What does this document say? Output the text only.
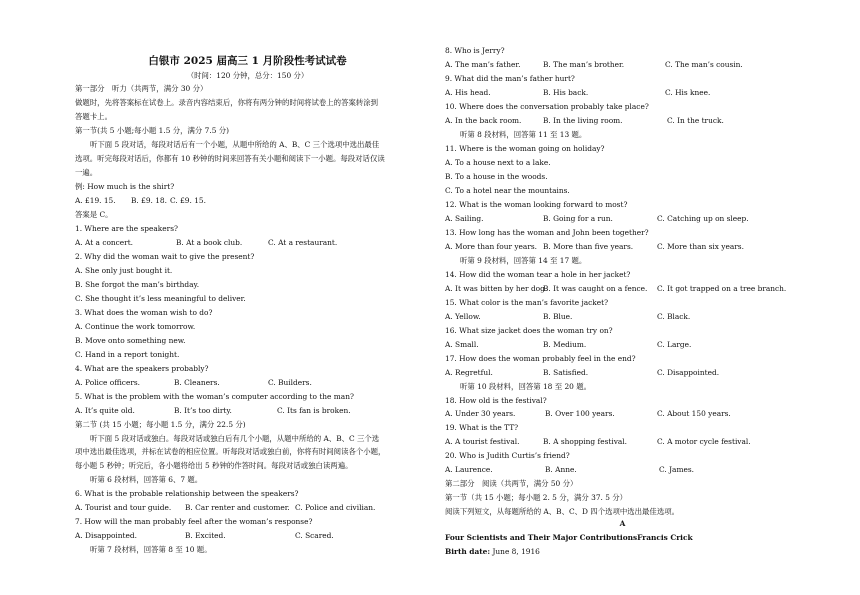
白银市 2025 届高三 1 月阶段性考试试卷
（时间：120 分钟，总分：150 分）
第一部分　听力（共两节，满分 30 分）
做题时，先将答案标在试卷上。录音内容结束后，你将有两分钟的时间将试卷上的答案转涂到
答题卡上。
第一节(共 5 小题;每小题 1.5 分，满分 7.5 分)
听下面 5 段对话，每段对话后有一个小题，从题中所给的 A、B、C 三个选项中选出最佳
选项。听完每段对话后，你都有 10 秒钟的时间来回答有关小题和阅读下一小题。每段对话仅读
一遍。
例: How much is the shirt?
A. £19. 15. B. £9. 18. C. £9. 15.
答案是 C。
1. Where are the speakers?
A. At a concert.	B. At a book club.	C. At a restaurant.
2. Why did the woman wait to give the present?
A. She only just bought it.
B. She forgot the man’s birthday.
C. She thought it’s less meaningful to deliver.
3. What does the woman wish to do?
A. Continue the work tomorrow.
B. Move onto something new.
C. Hand in a report tonight.
4. What are the speakers probably?
A. Police officers.	B. Cleaners.	C. Builders.
5. What is the problem with the woman’s computer according to the man?
A. It’s quite old.	B. It’s too dirty.	C. Its fan is broken.
第二节 (共 15 小题；每小题 1.5 分，满分 22.5 分)
听下面 5 段对话或独白。每段对话或独白后有几个小题，从题中所给的 A、B、C 三个选
项中选出最佳选项，并标在试卷的相应位置。听每段对话或独白前，你将有时间阅读各个小题，
每小题 5 秒钟；听完后，各小题将给出 5 秒钟的作答时间。每段对话或独白读两遍。
听第 6 段材料，回答第 6、7 题。
6. What is the probable relationship between the speakers?
A. Tourist and tour guide. B. Car renter and customer. C. Police and civilian.
7. How will the man probably feel after the woman’s response?
A. Disappointed.	B. Excited.	C. Scared.
听第 7 段材料，回答第 8 至 10 题。
8. Who is Jerry?
A. The man’s father.	B. The man’s brother.	C. The man’s cousin.
9. What did the man’s father hurt?
A. His head.	B. His back.	C. His knee.
10. Where does the conversation probably take place?
A. In the back room.	B. In the living room.	C. In the truck.
听第 8 段材料，回答第 11 至 13 题。
11. Where is the woman going on holiday?
A. To a house next to a lake.
B. To a house in the woods.
C. To a hotel near the mountains.
12. What is the woman looking forward to most?
A. Sailing.	B. Going for a run.	C. Catching up on sleep.
13. How long has the woman and John been together?
A. More than four years. B. More than five years.	C. More than six years.
听第 9 段材料，回答第 14 至 17 题。
14. How did the woman tear a hole in her jacket?
A. It was bitten by her dog.
B. It was caught on a fence. C. It got trapped on a tree branch.
15. What color is the man’s favorite jacket?
A. Yellow.	B. Blue.	C. Black.
16. What size jacket does the woman try on?
A. Small.	B. Medium.	C. Large.
17. How does the woman probably feel in the end?
A. Regretful.	B. Satisfied.	C. Disappointed.
听第 10 段材料，回答第 18 至 20 题。
18. How old is the festival?
A. Under 30 years.	B. Over 100 years.	C. About 150 years.
19. What is the TT?
A. A tourist festival.	B. A shopping festival.	C. A motor cycle festival.
20. Who is Judith Curtis’s friend?
A. Laurence.	B. Anne.	C. James.
第二部分　阅读（共两节，满分 50 分）
第一节（共 15 小题；每小题 2. 5 分，满分 37. 5 分）
阅读下列短文，从每题所给的 A、B、C、D 四个选项中选出最佳选项。
A
Four Scientists and Their Major ContributionsFrancis Crick
Birth date: June 8, 1916
